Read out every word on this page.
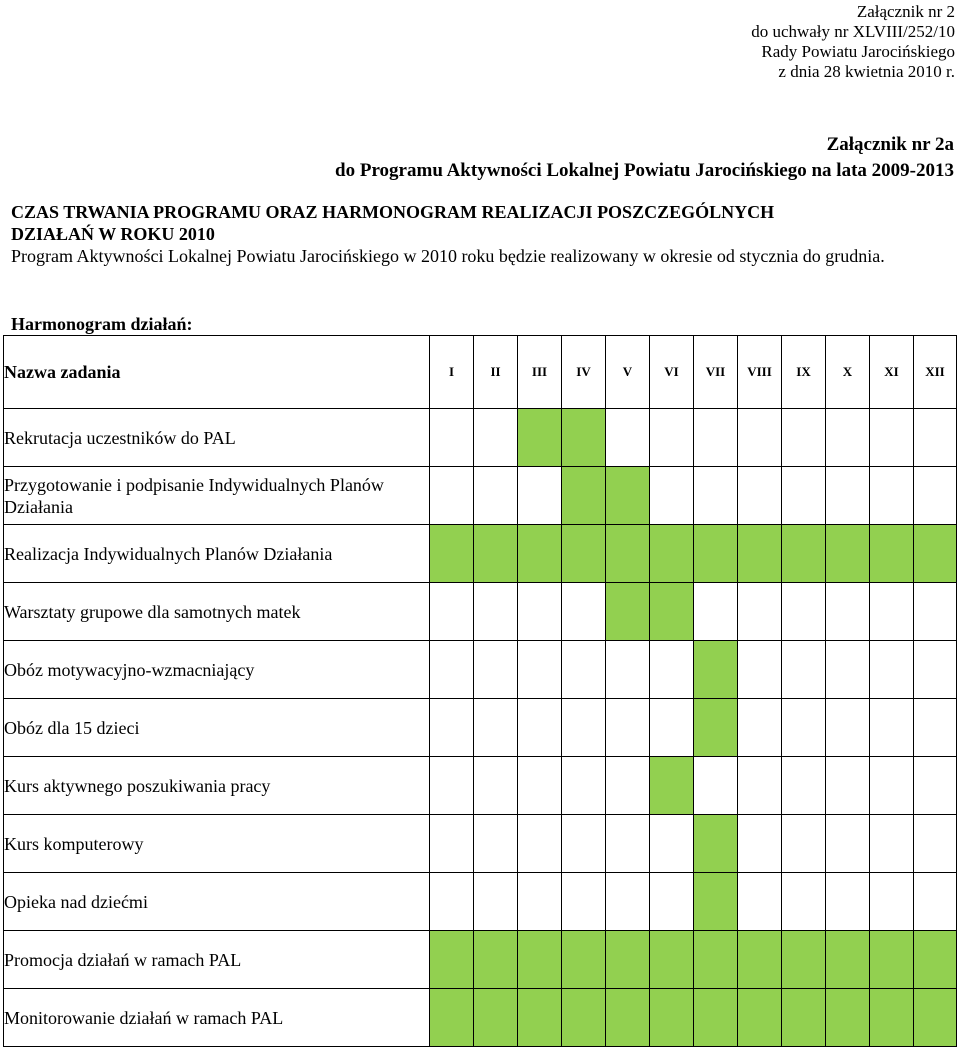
Załącznik nr 2
do uchwały nr XLVIII/252/10
Rady Powiatu Jarocińskiego
z dnia 28 kwietnia 2010 r.
Załącznik nr 2a
do Programu Aktywności Lokalnej Powiatu Jarocińskiego na lata 2009-2013
CZAS TRWANIA PROGRAMU ORAZ HARMONOGRAM REALIZACJI POSZCZEGÓLNYCH
DZIAŁAŃ W ROKU 2010
Program Aktywności Lokalnej Powiatu Jarocińskiego w 2010 roku będzie realizowany w okresie od stycznia do grudnia.
Harmonogram działań:
Nazwa zadania	I	II	III	IV	V	VI	VII	VIII	IX	X	XI	XII
Rekrutacja uczestników do PAL												
Przygotowanie i podpisanie Indywidualnych Planów Działania												
Realizacja Indywidualnych Planów Działania												
Warsztaty grupowe dla samotnych matek												
Obóz motywacyjno-wzmacniający												
Obóz dla 15 dzieci												
Kurs aktywnego poszukiwania pracy												
Kurs komputerowy												
Opieka nad dziećmi												
Promocja działań w ramach PAL												
Monitorowanie działań w ramach PAL												
